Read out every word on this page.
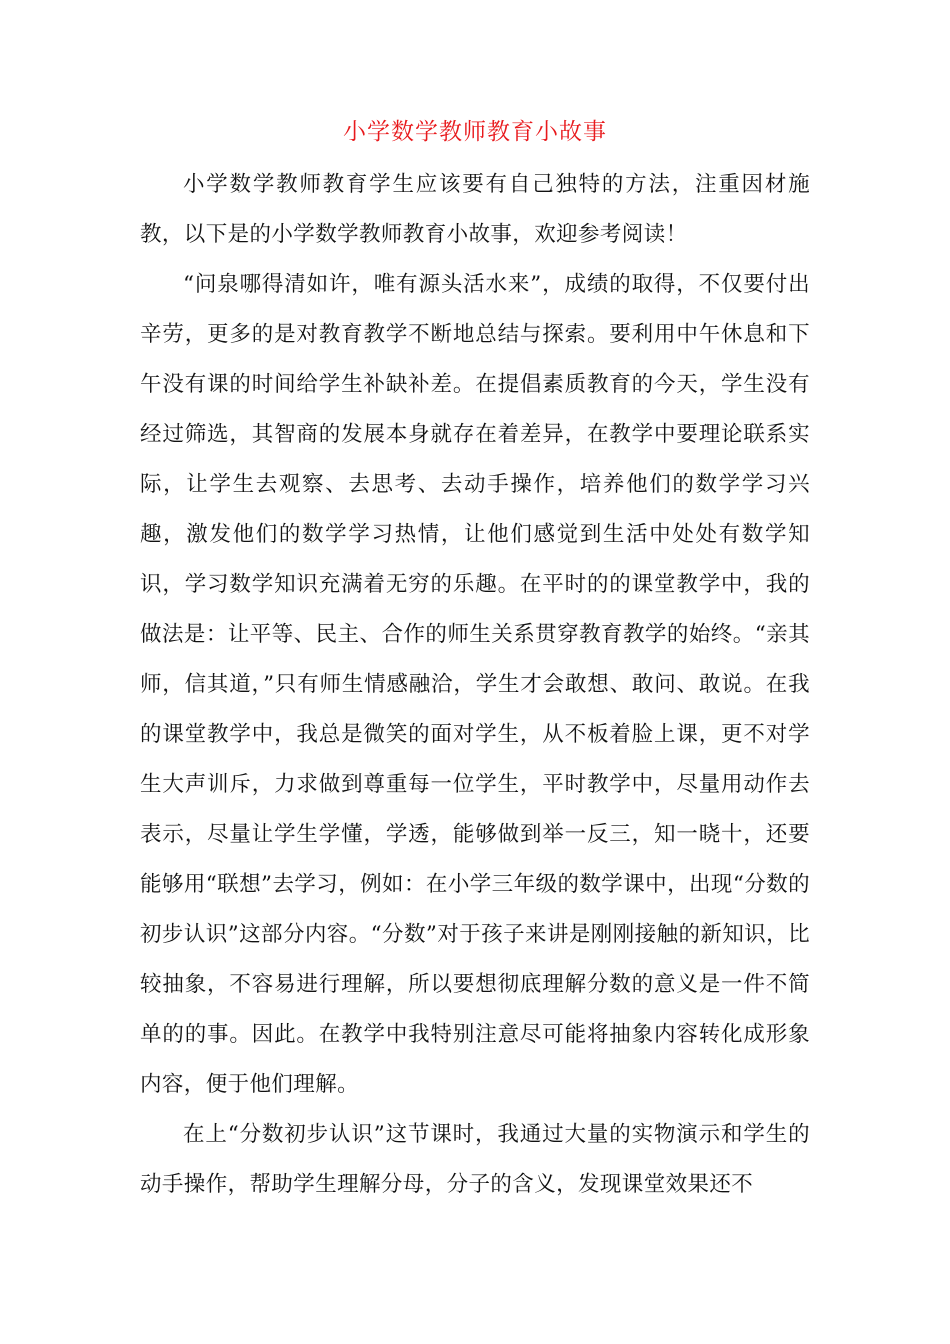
小学数学教师教育小故事

小学数学教师教育学生应该要有自己独特的方法，注重因材施教，以下是的小学数学教师教育小故事，欢迎参考阅读！

“问泉哪得清如许，唯有源头活水来”，成绩的取得，不仅要付出辛劳，更多的是对教育教学不断地总结与探索。要利用中午休息和下午没有课的时间给学生补缺补差。在提倡素质教育的今天，学生没有经过筛选，其智商的发展本身就存在着差异，在教学中要理论联系实际，让学生去观察、去思考、去动手操作，培养他们的数学学习兴趣，激发他们的数学学习热情，让他们感觉到生活中处处有数学知识，学习数学知识充满着无穷的乐趣。在平时的的课堂教学中，我的做法是：让平等、民主、合作的师生关系贯穿教育教学的始终。“亲其师，信其道，”只有师生情感融洽，学生才会敢想、敢问、敢说。在我的课堂教学中，我总是微笑的面对学生，从不板着脸上课，更不对学生大声训斥，力求做到尊重每一位学生，平时教学中，尽量用动作去表示，尽量让学生学懂，学透，能够做到举一反三，知一晓十，还要能够用“联想”去学习，例如：在小学三年级的数学课中，出现“分数的初步认识”这部分内容。“分数”对于孩子来讲是刚刚接触的新知识，比较抽象，不容易进行理解，所以要想彻底理解分数的意义是一件不简单的的事。因此。在教学中我特别注意尽可能将抽象内容转化成形象内容，便于他们理解。

在上“分数初步认识”这节课时，我通过大量的实物演示和学生的动手操作，帮助学生理解分母，分子的含义，发现课堂效果还不
